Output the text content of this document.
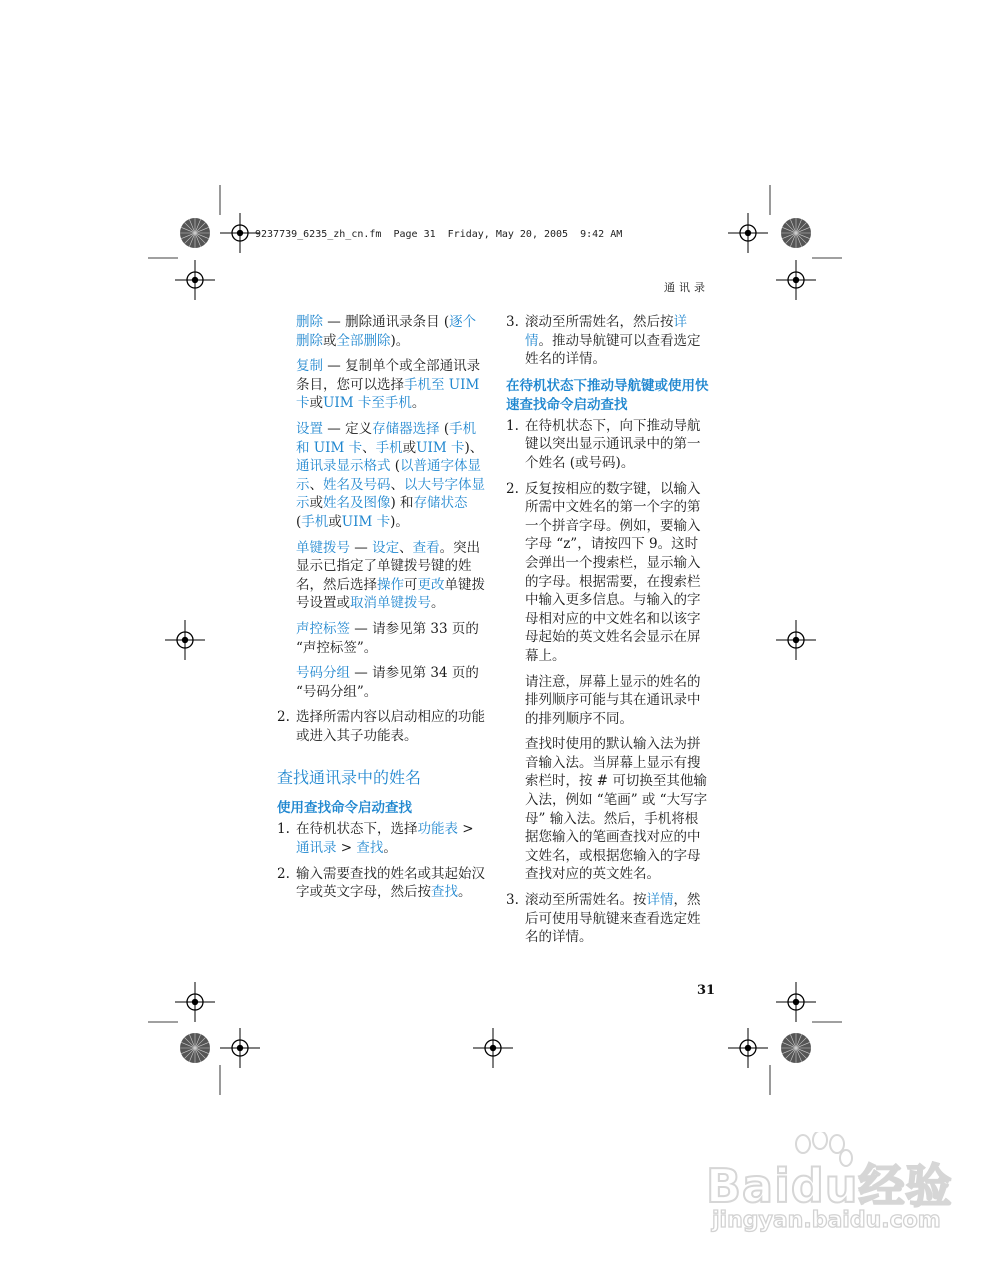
9237739_6235_zh_cn.fm  Page 31  Friday, May 20, 2005  9:42 AM
通讯录

删除 — 删除通讯录条目 (逐个删除或全部删除)。

复制 — 复制单个或全部通讯录条目，您可以选择手机至 UIM 卡或UIM 卡至手机。

设置 — 定义存储器选择 (手机和 UIM 卡、手机或UIM 卡)、通讯录显示格式 (以普通字体显示、姓名及号码、以大号字体显示或姓名及图像) 和存储状态 (手机或UIM 卡)。

单键拨号 — 设定、查看。突出显示已指定了单键拨号键的姓名，然后选择操作可更改单键拨号设置或取消单键拨号。

声控标签 — 请参见第 33 页的 “声控标签”。

号码分组 — 请参见第 34 页的 “号码分组”。

2. 选择所需内容以启动相应的功能或进入其子功能表。
查找通讯录中的姓名
使用查找命令启动查找
1. 在待机状态下，选择功能表 > 通讯录 > 查找。
2. 输入需要查找的姓名或其起始汉字或英文字母，然后按查找。
3. 滚动至所需姓名，然后按详情。推动导航键可以查看选定姓名的详情。
在待机状态下推动导航键或使用快速查找命令启动查找
1. 在待机状态下，向下推动导航键以突出显示通讯录中的第一个姓名 (或号码)。
2. 反复按相应的数字键，以输入所需中文姓名的第一个字的第一个拼音字母。例如，要输入字母 “z”，请按四下 9。这时会弹出一个搜索栏，显示输入的字母。根据需要，在搜索栏中输入更多信息。与输入的字母相对应的中文姓名和以该字母起始的英文姓名会显示在屏幕上。

请注意，屏幕上显示的姓名的排列顺序可能与其在通讯录中的排列顺序不同。

查找时使用的默认输入法为拼音输入法。当屏幕上显示有搜索栏时，按 # 可切换至其他输入法，例如 “笔画” 或 “大写字母” 输入法。然后，手机将根据您输入的笔画查找对应的中文姓名，或根据您输入的字母查找对应的英文姓名。

3. 滚动至所需姓名。按详情，然后可使用导航键来查看选定姓名的详情。
31
Baidu经验
jingyan.baidu.com
